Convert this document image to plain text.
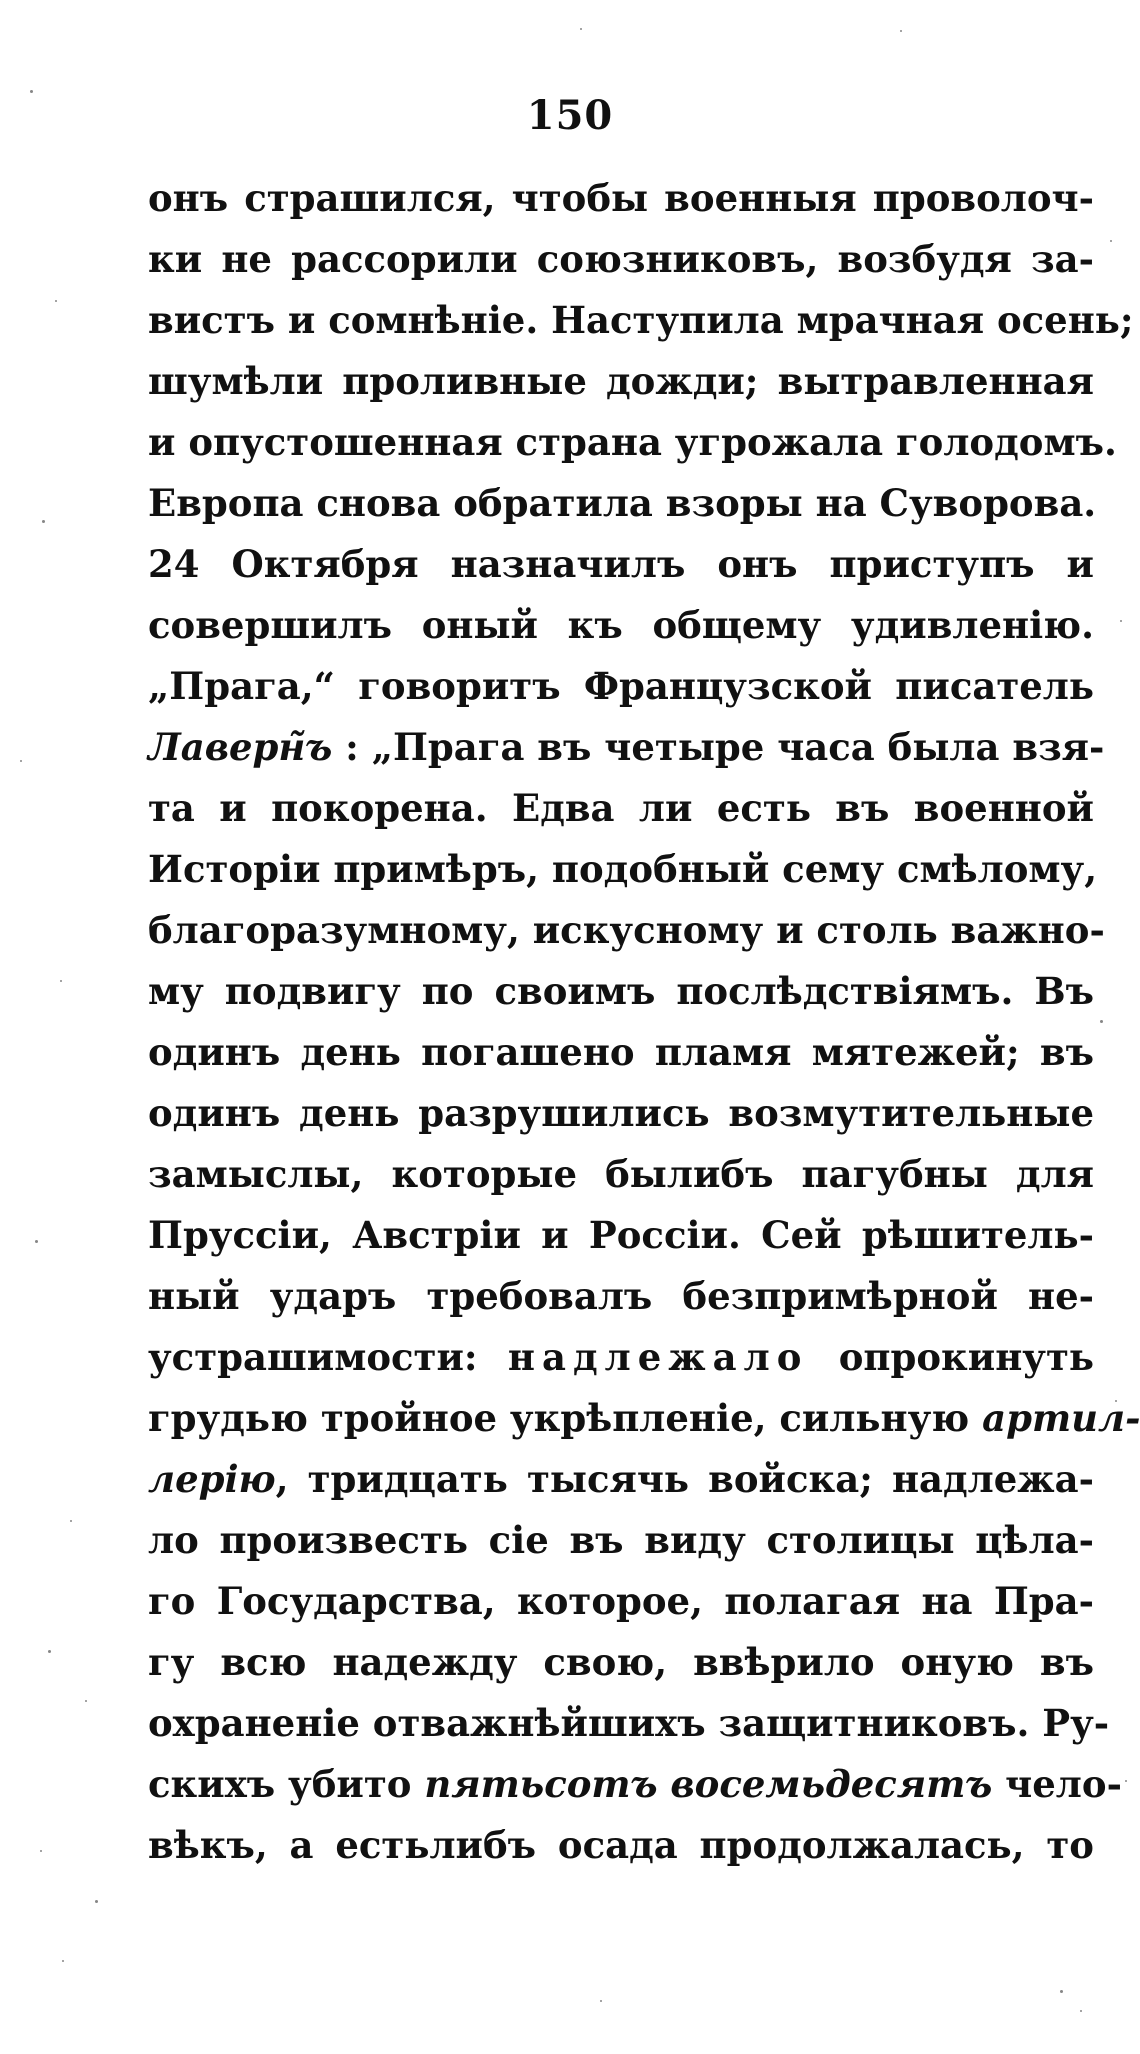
150
онъ страшился, чтобы военныя проволоч-
ки не рассорили союзниковъ, возбудя за-
вистъ и сомнѣніе. Наступила мрачная осень;
шумѣли проливные дожди; вытравленная
и опустошенная страна угрожала голодомъ.
Европа снова обратила взоры на Суворова.
24 Октября назначилъ онъ приступъ и
совершилъ оный къ общему удивленію.
„Прага,“ говоритъ Французской писатель
Лаверн̃ъ : „Прага въ четыре часа была взя-
та и покорена. Едва ли есть въ военной
Исторіи примѣръ, подобный сему смѣлому,
благоразумному, искусному и столь важно-
му подвигу по своимъ послѣдствіямъ. Въ
одинъ день погашено пламя мятежей; въ
одинъ день разрушились возмутительные
замыслы, которые былибъ пагубны для
Пруссіи, Австріи и Россіи. Сей рѣшитель-
ный ударъ требовалъ безпримѣрной не-
устрашимости: надлежало опрокинуть
грудью тройное укрѣпленіе, сильную артил-
лерію, тридцать тысячь войска; надлежа-
ло произвесть сіе въ виду столицы цѣла-
го Государства, которое, полагая на Пра-
гу всю надежду свою, ввѣрило оную въ
охраненіе отважнѣйшихъ защитниковъ. Ру-
скихъ убито пятьсотъ восемьдесятъ чело-
вѣкъ, а естьлибъ осада продолжалась, то
